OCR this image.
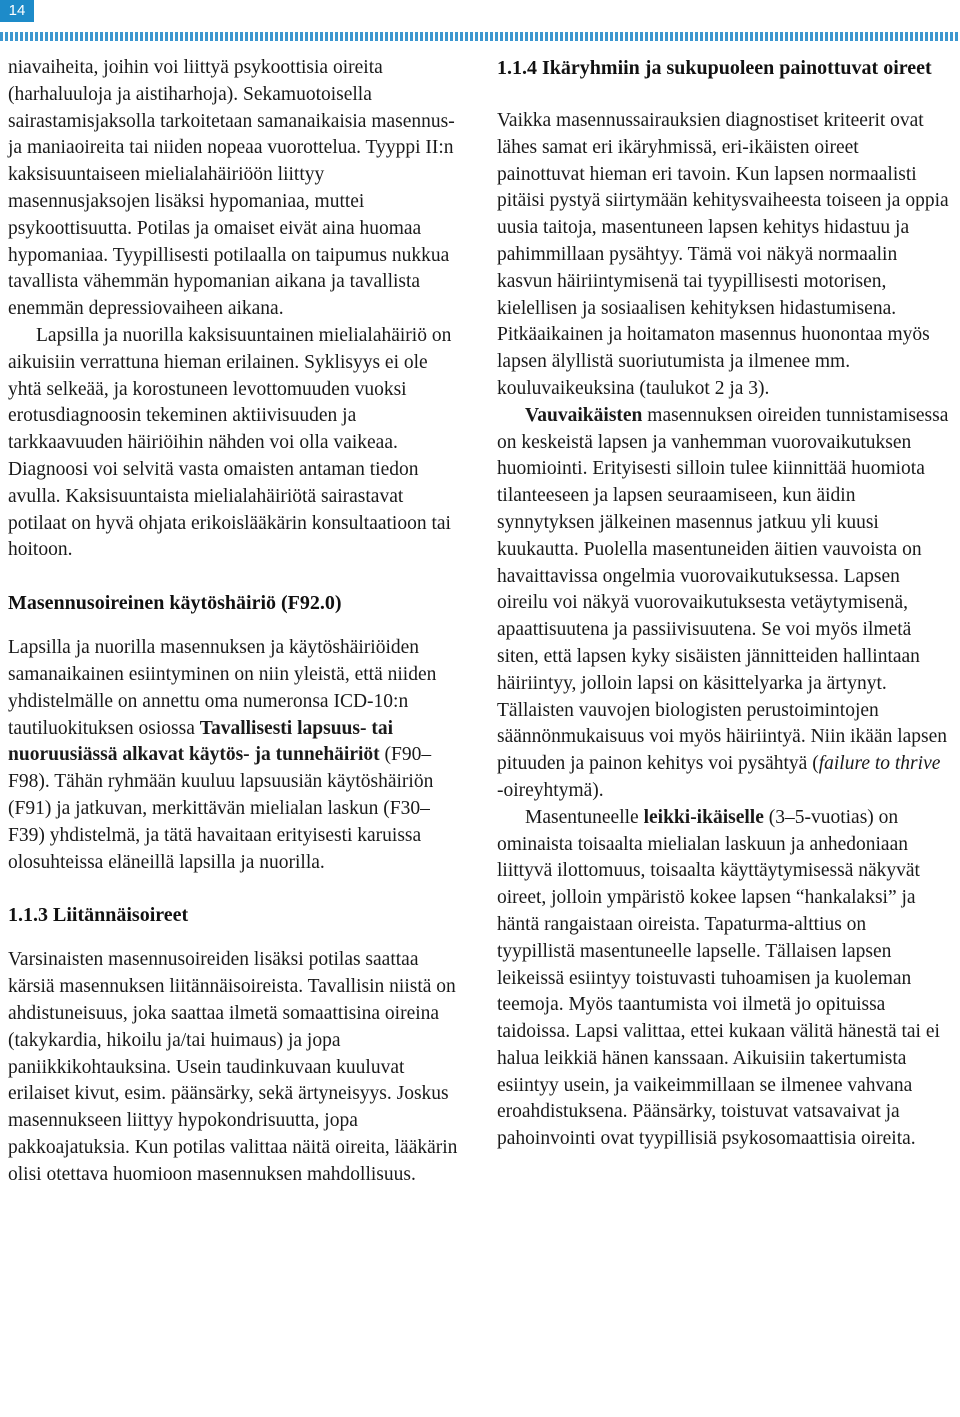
14

niavaiheita, joihin voi liittyä psykoottisia oireita (harhaluuloja ja aistiharhoja). Sekamuotoisella sairastamisjaksolla tarkoitetaan samanaikaisia masennus- ja maniaoireita tai niiden nopeaa vuorottelua. Tyyppi II:n kaksisuuntaiseen mielialahäiriöön liittyy masennusjaksojen lisäksi hypomaniaa, muttei psykoottisuutta. Potilas ja omaiset eivät aina huomaa hypomaniaa. Tyypillisesti potilaalla on taipumus nukkua tavallista vähemmän hypomanian aikana ja tavallista enemmän depressiovaiheen aikana.

Lapsilla ja nuorilla kaksisuuntainen mielialahäiriö on aikuisiin verrattuna hieman erilainen. Syklisyys ei ole yhtä selkeää, ja korostuneen levottomuuden vuoksi erotusdiagnoosin tekeminen aktiivisuuden ja tarkkaavuuden häiriöihin nähden voi olla vaikeaa. Diagnoosi voi selvitä vasta omaisten antaman tiedon avulla. Kaksisuuntaista mielialahäiriötä sairastavat potilaat on hyvä ohjata erikoislääkärin konsultaatioon tai hoitoon.

Masennusoireinen käytöshäiriö (F92.0)

Lapsilla ja nuorilla masennuksen ja käytöshäiriöiden samanaikainen esiintyminen on niin yleistä, että niiden yhdistelmälle on annettu oma numeronsa ICD-10:n tautiluokituksen osiossa Tavallisesti lapsuus- tai nuoruusiässä alkavat käytös- ja tunnehäiriöt (F90–F98). Tähän ryhmään kuuluu lapsuusiän käytöshäiriön (F91) ja jatkuvan, merkittävän mielialan laskun (F30–F39) yhdistelmä, ja tätä havaitaan erityisesti karuissa olosuhteissa eläneillä lapsilla ja nuorilla.

1.1.3 Liitännäisoireet

Varsinaisten masennusoireiden lisäksi potilas saattaa kärsiä masennuksen liitännäisoireista. Tavallisin niistä on ahdistuneisuus, joka saattaa ilmetä somaattisina oireina (takykardia, hikoilu ja/tai huimaus) ja jopa paniikkikohtauksina. Usein taudinkuvaan kuuluvat erilaiset kivut, esim. päänsärky, sekä ärtyneisyys. Joskus masennukseen liittyy hypokondrisuutta, jopa pakkoajatuksia. Kun potilas valittaa näitä oireita, lääkärin olisi otettava huomioon masennuksen mahdollisuus.

1.1.4 Ikäryhmiin ja sukupuoleen painottuvat oireet

Vaikka masennussairauksien diagnostiset kriteerit ovat lähes samat eri ikäryhmissä, eri-ikäisten oireet painottuvat hieman eri tavoin. Kun lapsen normaalisti pitäisi pystyä siirtymään kehitysvaiheesta toiseen ja oppia uusia taitoja, masentuneen lapsen kehitys hidastuu ja pahimmillaan pysähtyy. Tämä voi näkyä normaalin kasvun häiriintymisenä tai tyypillisesti motorisen, kielellisen ja sosiaalisen kehityksen hidastumisena. Pitkäaikainen ja hoitamaton masennus huonontaa myös lapsen älyllistä suoriutumista ja ilmenee mm. kouluvaikeuksina (taulukot 2 ja 3).

Vauvaikäisten masennuksen oireiden tunnistamisessa on keskeistä lapsen ja vanhemman vuorovaikutuksen huomiointi. Erityisesti silloin tulee kiinnittää huomiota tilanteeseen ja lapsen seuraamiseen, kun äidin synnytyksen jälkeinen masennus jatkuu yli kuusi kuukautta. Puolella masentuneiden äitien vauvoista on havaittavissa ongelmia vuorovaikutuksessa. Lapsen oireilu voi näkyä vuorovaikutuksesta vetäytymisenä, apaattisuutena ja passiivisuutena. Se voi myös ilmetä siten, että lapsen kyky sisäisten jännitteiden hallintaan häiriintyy, jolloin lapsi on käsittelyarka ja ärtynyt. Tällaisten vauvojen biologisten perustoimintojen säännönmukaisuus voi myös häiriintyä. Niin ikään lapsen pituuden ja painon kehitys voi pysähtyä (failure to thrive -oireyhtymä).

Masentuneelle leikki-ikäiselle (3–5-vuotias) on ominaista toisaalta mielialan laskuun ja anhedoniaan liittyvä ilottomuus, toisaalta käyttäytymisessä näkyvät oireet, jolloin ympäristö kokee lapsen “hankalaksi” ja häntä rangaistaan oireista. Tapaturma-alttius on tyypillistä masentuneelle lapselle. Tällaisen lapsen leikeissä esiintyy toistuvasti tuhoamisen ja kuoleman teemoja. Myös taantumista voi ilmetä jo opituissa taidoissa. Lapsi valittaa, ettei kukaan välitä hänestä tai ei halua leikkiä hänen kanssaan. Aikuisiin takertumista esiintyy usein, ja vaikeimmillaan se ilmenee vahvana eroahdistuksena. Päänsärky, toistuvat vatsavaivat ja pahoinvointi ovat tyypillisiä psykosomaattisia oireita.
